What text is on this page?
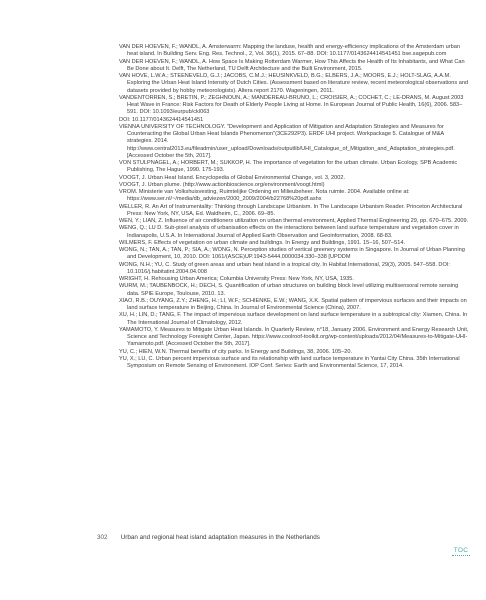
VAN DER HOEVEN, F.; WANDL, A. Amsterwarm: Mapping the landuse, health and energy-efficiency implications of the Amsterdam urban heat island. In Building Serv. Eng. Res. Technol., 2, Vol. 36(1), 2015. 67–88. DOI: 10.1177/0143624414541451 bse.sagepub.com

VAN DER HOEVEN, F.; WANDL, A. How Space Is Making Rotterdam Warmer, How This Affects the Health of Its Inhabitants, and What Can Be Done about It. Delft, The Netherland, TU Delft Architecture and the Built Environment, 2015.

VAN HOVE, L.W.A.; STEENEVELD, G.J.; JACOBS, C.M.J.; HEUSINKVELD, B.G.; ELBERS, J.A.; MOORS, E.J.; HOLT-SLAG, A.A.M. Exploring the Urban Heat Island Intensity of Dutch Cities. (Assessment based on literature review, recent meteorological observations and datasets provided by hobby meteorologists). Altera report 2170. Wageningen, 2011.

VANDENTORREN, S.; BRETIN, P.; ZEGHNOUN, A.; MANDEREAU-BRUNO, L.; CROISIER, A.; COCHET, C.; LE-DRANS, M. August 2003 Heat Wave in France: Risk Factors for Death of Elderly People Living at Home. In European Journal of Public Health, 16(6), 2006. 583–591. DOI: 10.1093/eurpub/ckl063

DOI: 10.1177/0143624414541451

VIENNA UNIVERSITY OF TECHNOLOGY. "Development and Application of Mitigation and Adaptation Strategies and Measures for Counteracting the Global Urban Heat Islands Phenomenon"(3CE292P3). ERDF UHI project. Workpackage 5. Catalogue of M&A strategies. 2014. http://www.central2013.eu/fileadmin/user_upload/Downloads/outputlib/UHI_Catalogue_of_Mitigation_and_Adaptation_strategies.pdf. [Accessed October the 5th, 2017].

VON STULPNAGEL, A.; HORBERT, M.; SUKKOP, H. The importance of vegetation for the urban climate. Urban Ecology, SPB Academic Publishing, The Hague, 1990. 175-193.

VOOGT, J. Urban Heat Island. Encyclopedia of Global Environmental Change, vol. 3, 2002.

VOOGT, J. Urban plume. (http://www.actionbioscience.org/environment/voogt.html)

VROM. Ministerie van Volkshuisvesting, Ruimtelijke Ordening en Milieubeheer. Nota ruimte. 2004. Available online at: https://www.ser.nl/~/media/db_adviezen/2000_2009/2004/b22768%20pdf.ashx

WELLER, R. An Art of Instrumentality: Thinking through Landscape Urbanism. In The Landscape Urbanism Reader. Princeton Architectural Press: New York, NY, USA, Ed. Waldheim, C., 2006. 69–85.

WEN, Y.; LIAN, Z. Influence of air conditioners utilization on urban thermal environment, Applied Thermal Engineering 29, pp. 670–675. 2009.

WENG, Q.; LU D. Sub-pixel analysis of urbanisation effects on the interactions between land surface temperature and vegetation cover in Indianapolis, U.S.A. In International Journal of Applied Earth Observation and Geoinformation, 2008. 68-83.

WILMERS, F. Effects of vegetation on urban climate and buildings. In Energy and Buildings, 1991. 15–16, 507–514.

WONG, N.; TAN, A.; TAN, P.; SIA, A.; WONG, N. Perception studies of vertical greenery systems in Singapore. In Journal of Urban Planning and Development, 10, 2010. DOI: 1061/(ASCE)UP.1943-5444.0000034.330–338 [UPDDM

WONG, N.H.; YU, C. Study of green areas and urban heat island in a tropical city. In Habitat International, 29(3), 2005. 547–558. DOI: 10.1016/j.habitatint.2004.04.008

WRIGHT, H. Rehousing Urban America; Columbia University Press: New York, NY, USA, 1935.

WURM, M.; TAUBENBOCK, H.; DECH, S. Quantification of urban structures on building block level utilizing multisensoral remote sensing data. SPIE Europe, Toulouse, 2010. 13.

XIAO, R.B.; OUYANG, Z.Y.; ZHENG, H.; LI, W.F.; SCHIENKE, E.W.; WANG, X.K. Spatial pattern of impervious surfaces and their impacts on land surface temperature in Beijing, China. In Journal of Environmental Science (China), 2007.

XU, H.; LIN, D.; TANG, F. The impact of impervious surface development on land surface temperature in a subtropical city: Xiamen, China. In The International Journal of Climatology, 2012.

YAMAMOTO, Y. Measures to Mitigate Urban Heat Islands. In Quarterly Review, n°18, January 2006. Environment and Energy Research Unit, Science and Technology Foresight Center, Japan. https://www.coolroof-toolkit.org/wp-content/uploads/2012/04/Measures-to-Mitigate-UHI-Yamamoto.pdf. [Accessed October the 5th, 2017].

YU, C.; HIEN, W.N. Thermal benefits of city parks. In Energy and Buildings, 38, 2006. 105–20.

YU, X.; LU, C. Urban percent impervious surface and its relationship with land surface temperature in Yantai City China. 35th International Symposium on Remote Sensing of Environment. IOP Conf. Series: Earth and Environmental Science, 17, 2014.

302 Urban and regional heat island adaptation measures in the Netherlands
TOC
